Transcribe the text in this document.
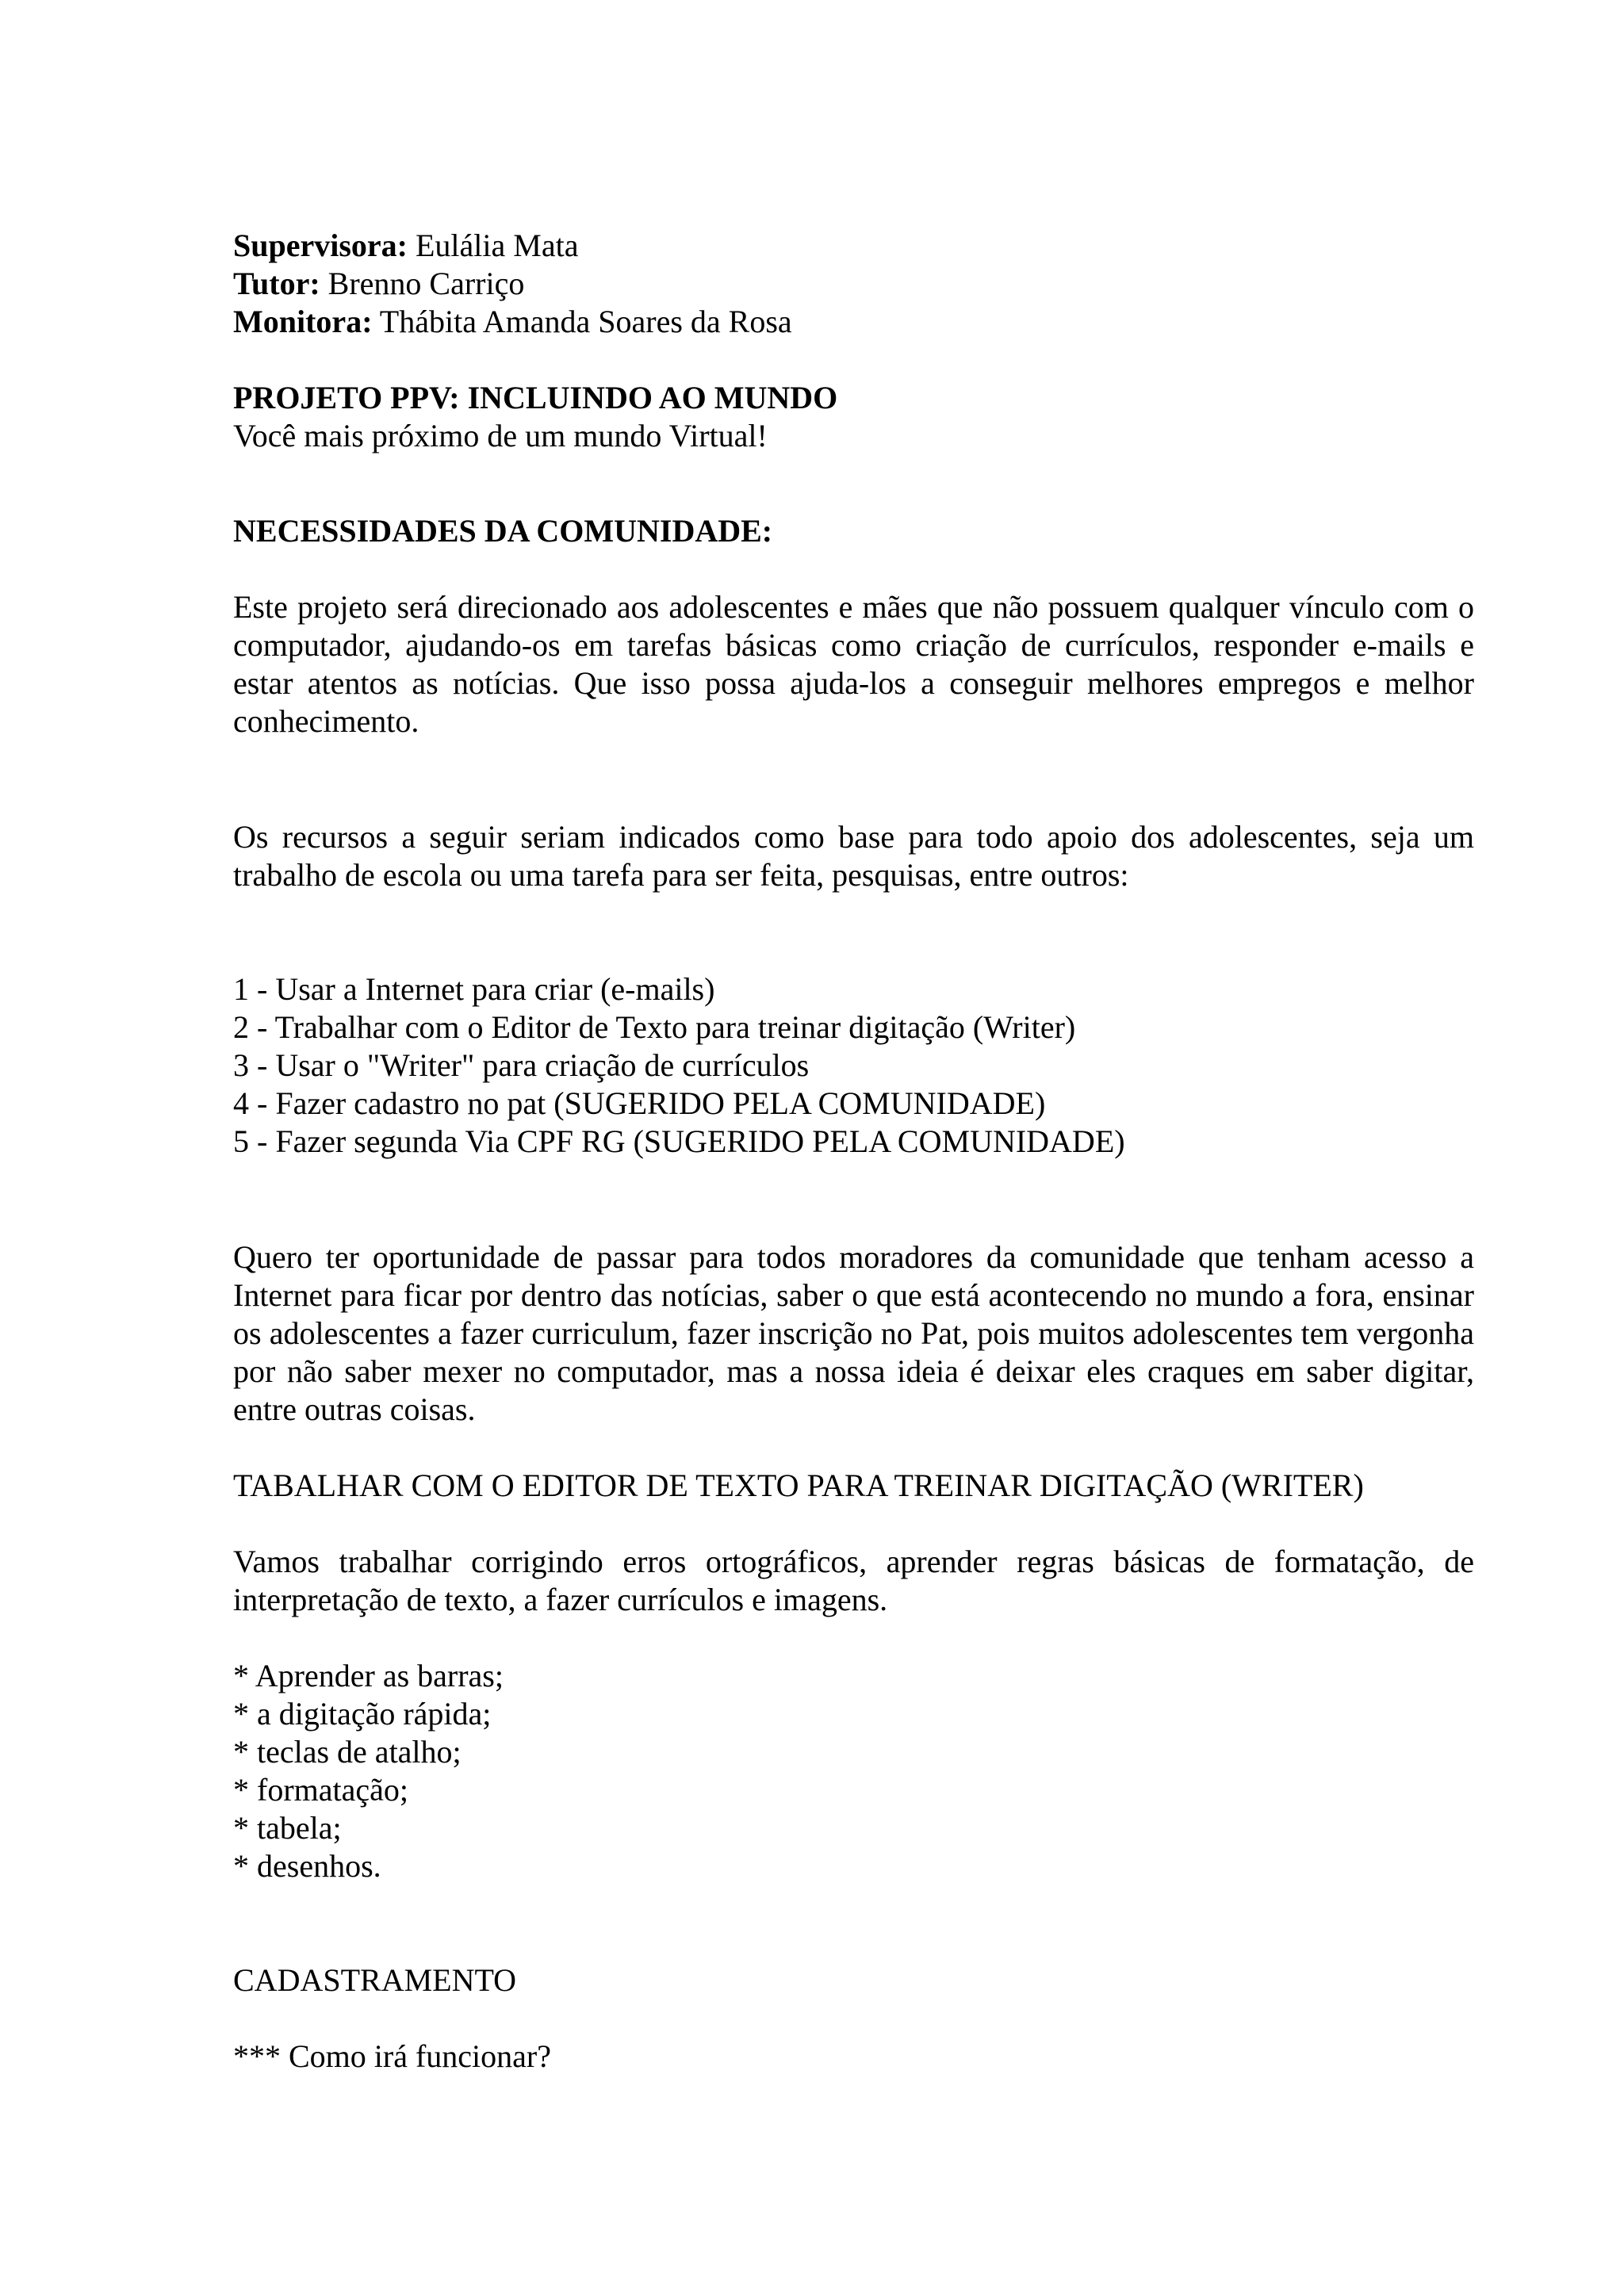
Supervisora: Eulália Mata

Tutor: Brenno Carriço

Monitora: Thábita Amanda Soares da Rosa

PROJETO PPV: INCLUINDO AO MUNDO

Você mais próximo de um mundo Virtual!

NECESSIDADES DA COMUNIDADE:

Este projeto será direcionado aos adolescentes e mães que não possuem qualquer vínculo com o computador, ajudando-os em tarefas básicas como criação de currículos, responder e-mails e estar atentos as notícias. Que isso possa ajuda-los a conseguir melhores empregos e melhor conhecimento.

Os recursos a seguir seriam indicados como base para todo apoio dos adolescentes, seja um trabalho de escola ou uma tarefa para ser feita, pesquisas, entre outros:

1 - Usar a Internet para criar (e-mails)
2 - Trabalhar com o Editor de Texto para treinar digitação (Writer)
3 - Usar o "Writer" para criação de currículos
4 - Fazer cadastro no pat (SUGERIDO PELA COMUNIDADE)
5 - Fazer segunda Via CPF RG (SUGERIDO PELA COMUNIDADE)

Quero ter oportunidade de passar para todos moradores da comunidade que tenham acesso a Internet para ficar por dentro das notícias, saber o que está acontecendo no mundo a fora, ensinar os adolescentes a fazer curriculum, fazer inscrição no Pat, pois muitos adolescentes tem vergonha por não saber mexer no computador, mas a nossa ideia é deixar eles craques em saber digitar, entre outras coisas.

TABALHAR COM O EDITOR DE TEXTO PARA TREINAR DIGITAÇÃO (WRITER)

Vamos trabalhar corrigindo erros ortográficos, aprender regras básicas de formatação, de interpretação de texto, a fazer currículos e imagens.

* Aprender as barras;
* a digitação rápida;
* teclas de atalho;
* formatação;
* tabela;
* desenhos.

CADASTRAMENTO

*** Como irá funcionar?
